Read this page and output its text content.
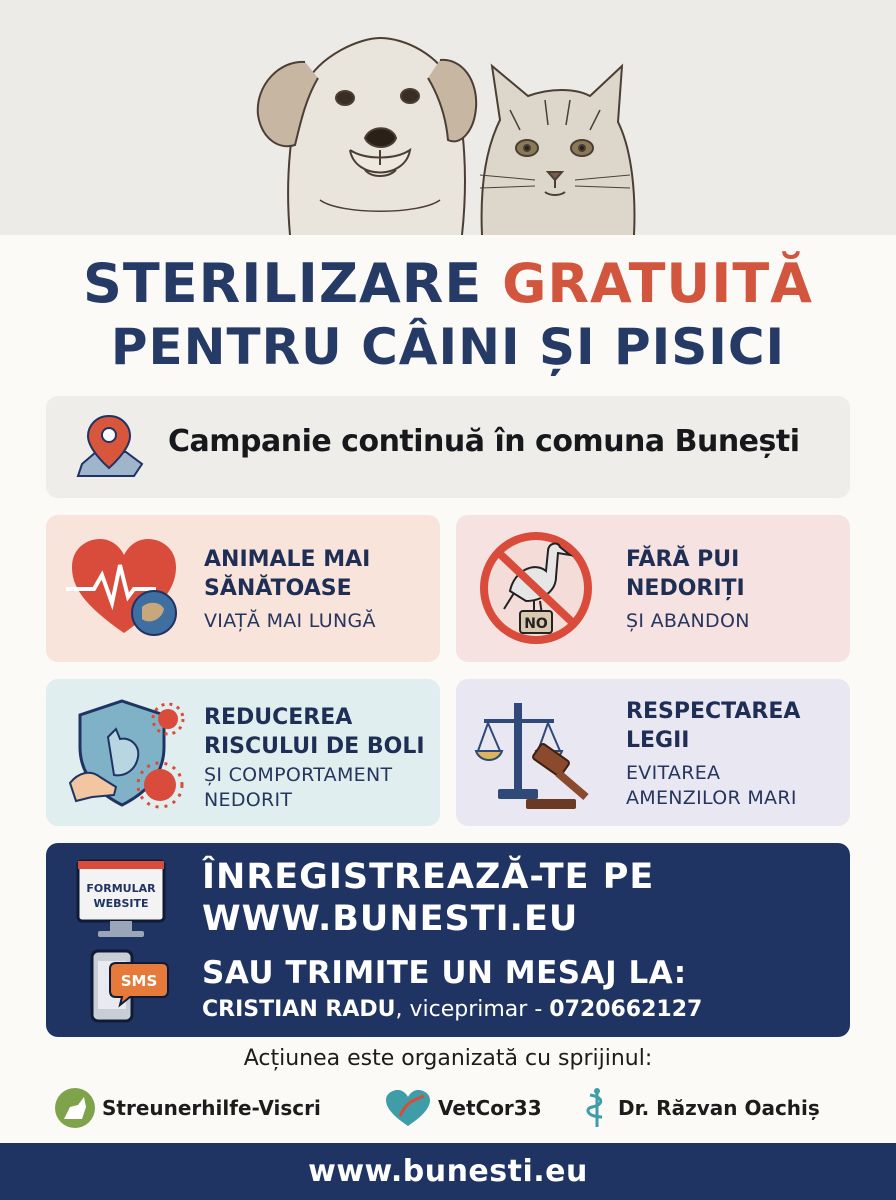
STERILIZARE GRATUITĂ
PENTRU CÂINI ȘI PISICI
Campanie continuă în comuna Bunești
ANIMALE MAI
SĂNĂTOASE
VIAȚĂ MAI LUNGĂ	NO
FĂRĂ PUI
NEDORIȚI
ȘI ABANDON
REDUCEREA
RISCULUI DE BOLI
ȘI COMPORTAMENT
NEDORIT
RESPECTAREA
LEGII
EVITAREA
AMENZILOR MARI
FORMULAR
WEBSITE
SMS
ÎNREGISTREAZĂ-TE PE
WWW.BUNESTI.EU
SAU TRIMITE UN MESAJ LA:
CRISTIAN RADU, viceprimar - 0720662127
Acțiunea este organizată cu sprijinul:
Streunerhilfe-Viscri	VetCor33	Dr. Răzvan Oachiș
www.bunesti.eu
